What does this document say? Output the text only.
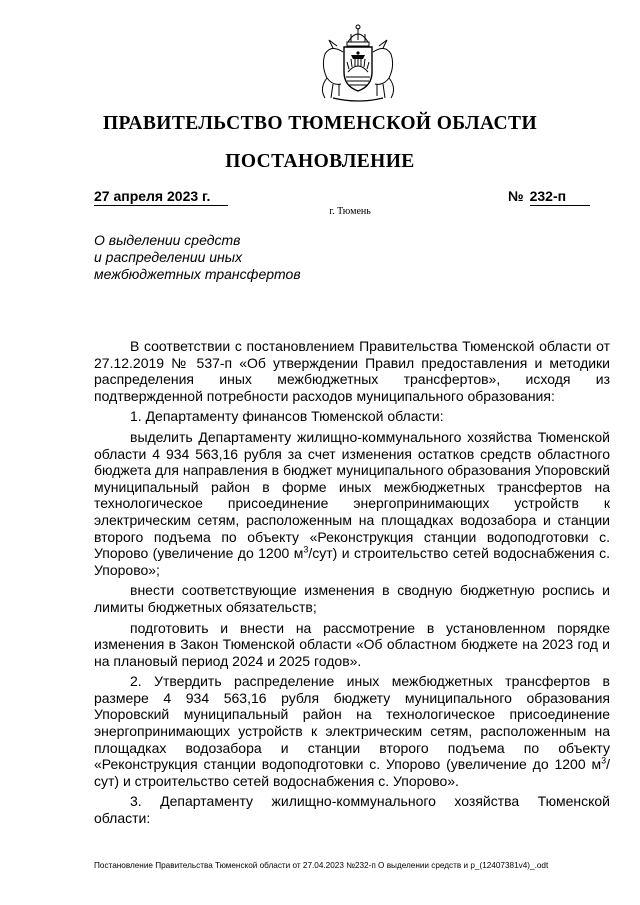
ПРАВИТЕЛЬСТВО ТЮМЕНСКОЙ ОБЛАСТИ
ПОСТАНОВЛЕНИЕ
27 апреля 2023 г.	№ 232-п
г. Тюмень
О выделении средств
и распределении иных
межбюджетных трансфертов

В соответствии с постановлением Правительства Тюменской области от 27.12.2019 № 537-п «Об утверждении Правил предоставления и методики распределения иных межбюджетных трансфертов», исходя из подтвержденной потребности расходов муниципального образования:

1. Департаменту финансов Тюменской области:

выделить Департаменту жилищно-коммунального хозяйства Тюменской области 4 934 563,16 рубля за счет изменения остатков средств областного бюджета для направления в бюджет муниципального образования Упоровский муниципальный район в форме иных межбюджетных трансфертов на технологическое присоединение энергопринимающих устройств к электрическим сетям, расположенным на площадках водозабора и станции второго подъема по объекту «Реконструкция станции водоподготовки с. Упорово (увеличение до 1200 $м^3/сут$) и строительство сетей водоснабжения с. Упорово»;

внести соответствующие изменения в сводную бюджетную роспись и лимиты бюджетных обязательств;

подготовить и внести на рассмотрение в установленном порядке изменения в Закон Тюменской области «Об областном бюджете на 2023 год и на плановый период 2024 и 2025 годов».

2. Утвердить распределение иных межбюджетных трансфертов в размере 4 934 563,16 рубля бюджету муниципального образования Упоровский муниципальный район на технологическое присоединение энергопринимающих устройств к электрическим сетям, расположенным на площадках водозабора и станции второго подъема по объекту «Реконструкция станции водоподготовки с. Упорово (увеличение до 1200 $м^3/сут$) и строительство сетей водоснабжения с. Упорово».

3. Департаменту жилищно-коммунального хозяйства Тюменской области:

Постановление Правительства Тюменской области от 27.04.2023 №232-п О выделении средств и р_(12407381v4)_.odt
